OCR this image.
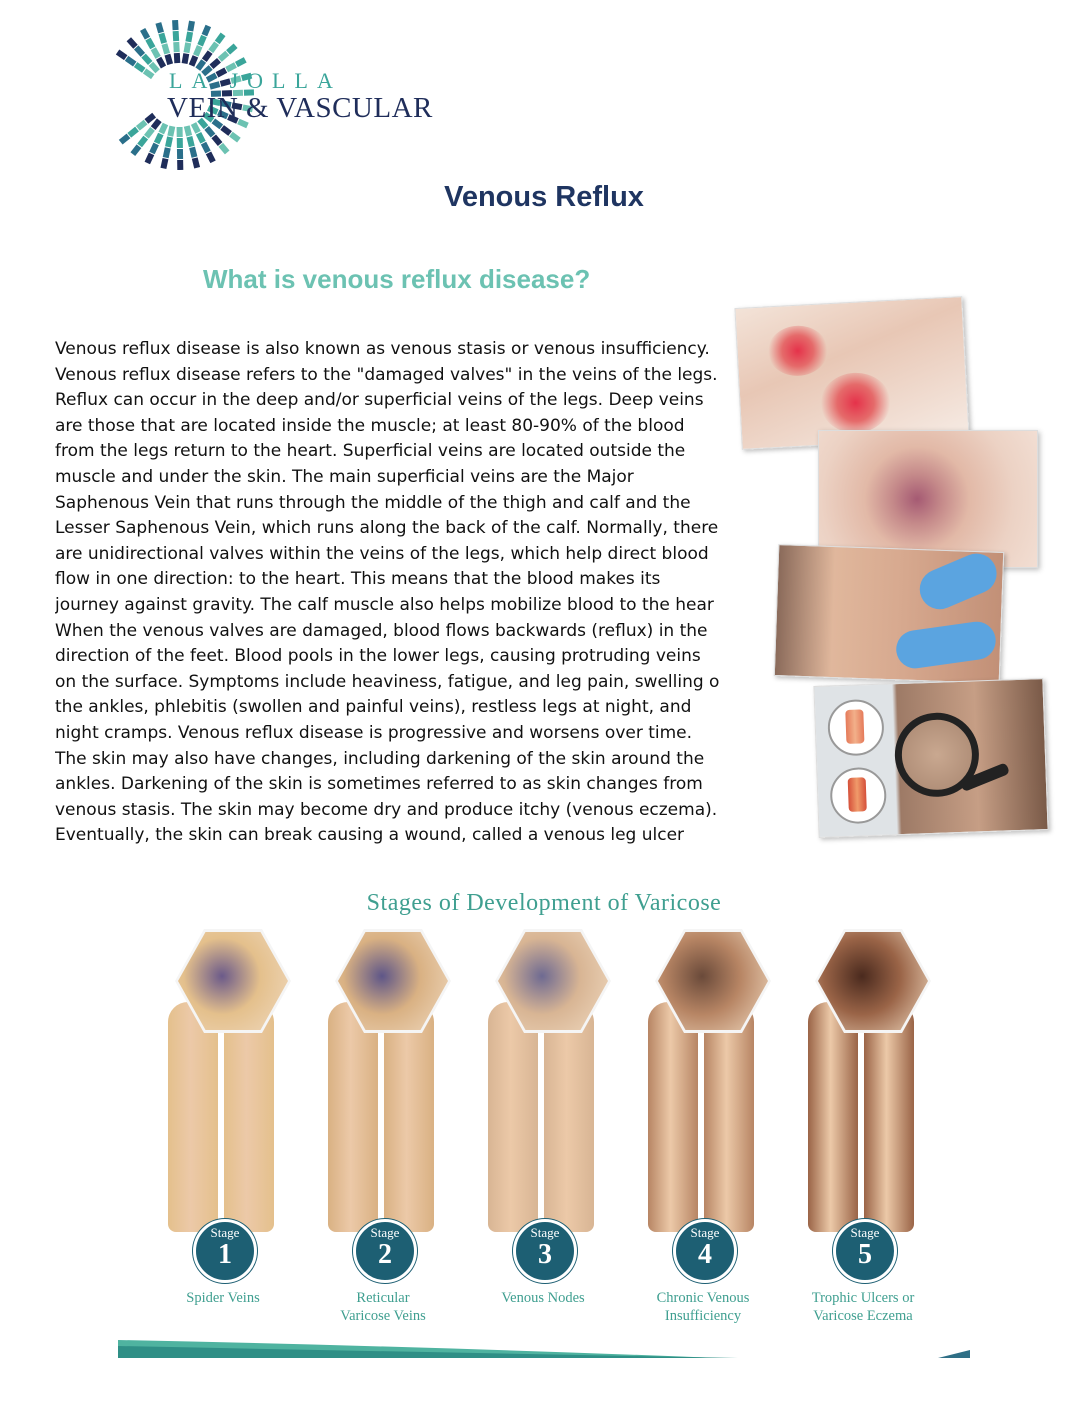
LA JOLLA
VEIN & VASCULAR
Venous Reflux
What is venous reflux disease?
Venous reflux disease is also known as venous stasis or venous insufficiency.
Venous reflux disease refers to the "damaged valves" in the veins of the legs.
Reflux can occur in the deep and/or superficial veins of the legs. Deep veins
are those that are located inside the muscle; at least 80-90% of the blood
from the legs return to the heart. Superficial veins are located outside the
muscle and under the skin. The main superficial veins are the Major
Saphenous Vein that runs through the middle of the thigh and calf and the
Lesser Saphenous Vein, which runs along the back of the calf. Normally, there
are unidirectional valves within the veins of the legs, which help direct blood
flow in one direction: to the heart. This means that the blood makes its
journey against gravity. The calf muscle also helps mobilize blood to the hear
When the venous valves are damaged, blood flows backwards (reflux) in the
direction of the feet. Blood pools in the lower legs, causing protruding veins
on the surface. Symptoms include heaviness, fatigue, and leg pain, swelling o
the ankles, phlebitis (swollen and painful veins), restless legs at night, and
night cramps. Venous reflux disease is progressive and worsens over time.
The skin may also have changes, including darkening of the skin around the
ankles. Darkening of the skin is sometimes referred to as skin changes from
venous stasis. The skin may become dry and produce itchy (venous eczema).
Eventually, the skin can break causing a wound, called a venous leg ulcer
Stages of Development of Varicose
Stage
1
Spider Veins
Stage
2
Reticular
Varicose Veins
Stage
3
Venous Nodes
Stage
4
Chronic Venous
Insufficiency
Stage
5
Trophic Ulcers or
Varicose Eczema
